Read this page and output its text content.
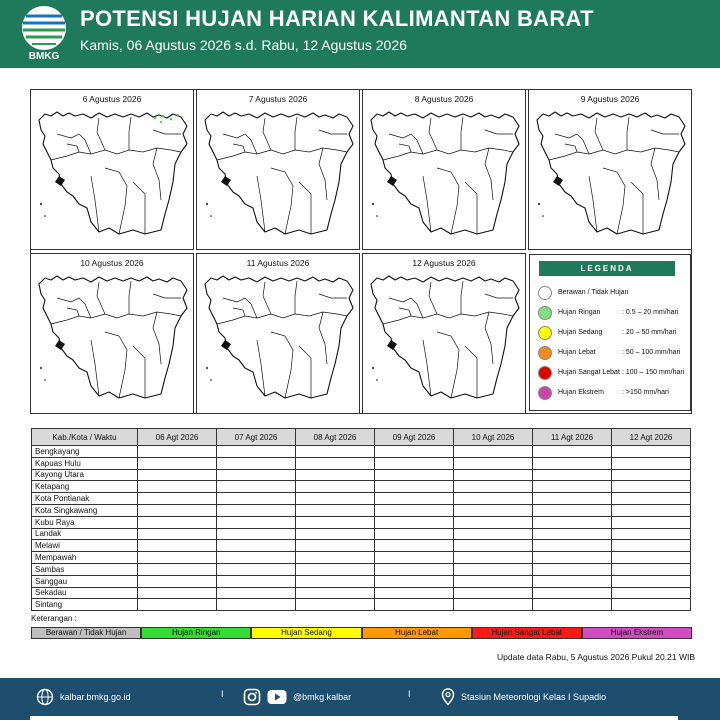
BMKG
POTENSI HUJAN HARIAN KALIMANTAN BARAT
Kamis, 06 Agustus 2026 s.d. Rabu, 12 Agustus 2026
6 Agustus 2026	7 Agustus 2026	8 Agustus 2026	9 Agustus 2026
10 Agustus 2026	11 Agustus 2026	12 Agustus 2026
LEGENDA
Berawan / Tidak Hujan
Hujan Ringan	: 0.5 – 20 mm/hari
Hujan Sedang	: 20 – 50 mm/hari
Hujan Lebat	: 50 – 100 mm/hari
Hujan Sangat Lebat : 100 – 150 mm/hari
Hujan Ekstrem	: >150 mm/hari
Kab./Kota / Waktu	06 Agt 2026	07 Agt 2026	08 Agt 2026	09 Agt 2026	10 Agt 2026	11 Agt 2026	12 Agt 2026
Bengkayang							
Kapuas Hulu							
Kayong Utara							
Ketapang							
Kota Pontianak							
Kota Singkawang							
Kubu Raya							
Landak							
Melawi							
Mempawah							
Sambas							
Sanggau							
Sekadau							
Sintang							
Keterangan :
Berawan / Tidak Hujan	Hujan Ringan	Hujan Sedang	Hujan Lebat	Hujan Sangat Lebat	Hujan Ekstrem
Update data Rabu, 5 Agustus 2026 Pukul 20.21 WIB
kalbar.bmkg.go.id	I	@bmkg.kalbar	I	Stasiun Meteorologi Kelas I Supadio
